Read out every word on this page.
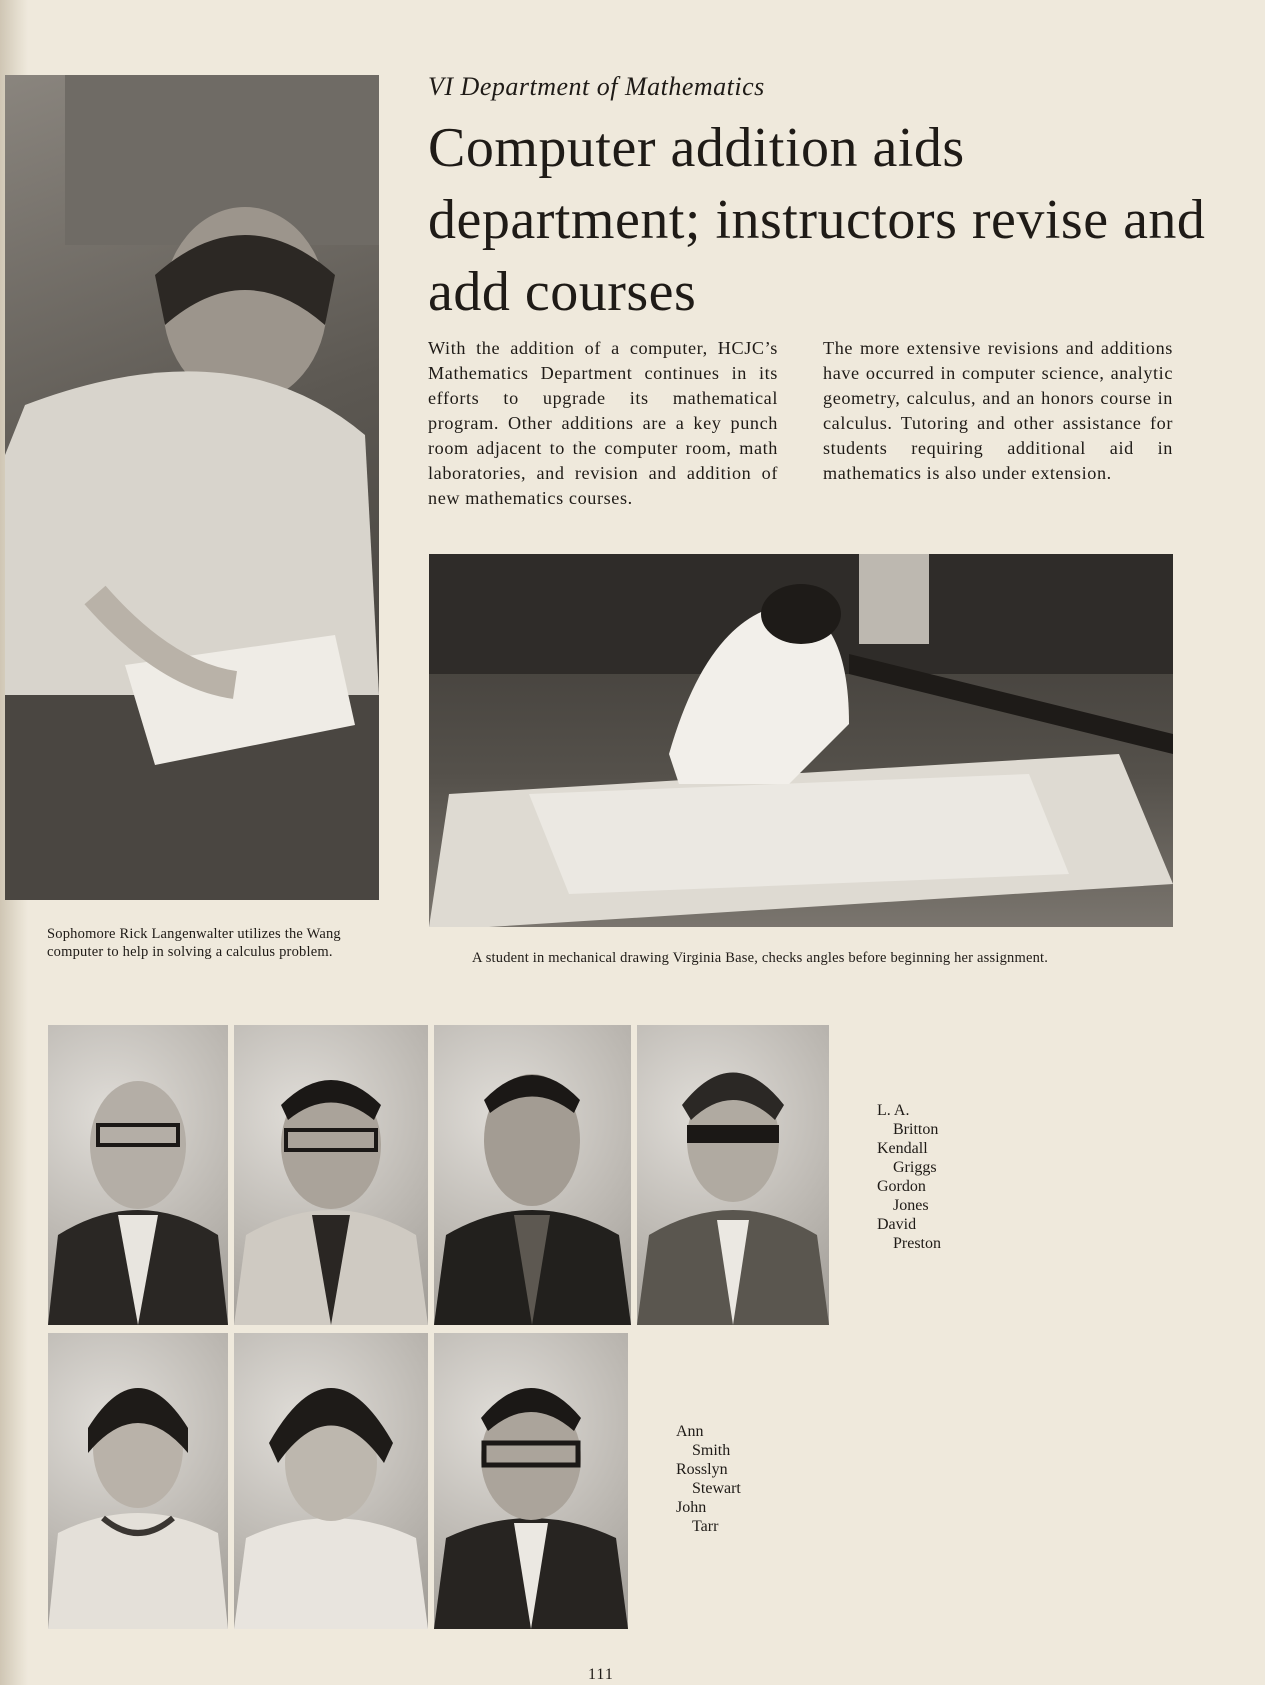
VI Department of Mathematics
Computer addition aids department; instructors revise and add courses

With the addition of a computer, HCJC’s Mathematics Department continues in its efforts to upgrade its mathematical program. Other additions are a key punch room adjacent to the computer room, math laboratories, and revision and addition of new mathematics courses.

The more extensive revisions and additions have occurred in computer science, analytic geometry, calculus, and an honors course in calculus. Tutoring and other assistance for students requiring additional aid in mathematics is also under extension.

Sophomore Rick Langenwalter utilizes the Wang computer to help in solving a calculus problem.	A student in mechanical drawing Virginia Base, checks angles before beginning her assignment.

L. A.
Britton
Kendall
Griggs
Gordon
Jones
David
Preston
Ann
Smith
Rosslyn
Stewart
John
Tarr
111
